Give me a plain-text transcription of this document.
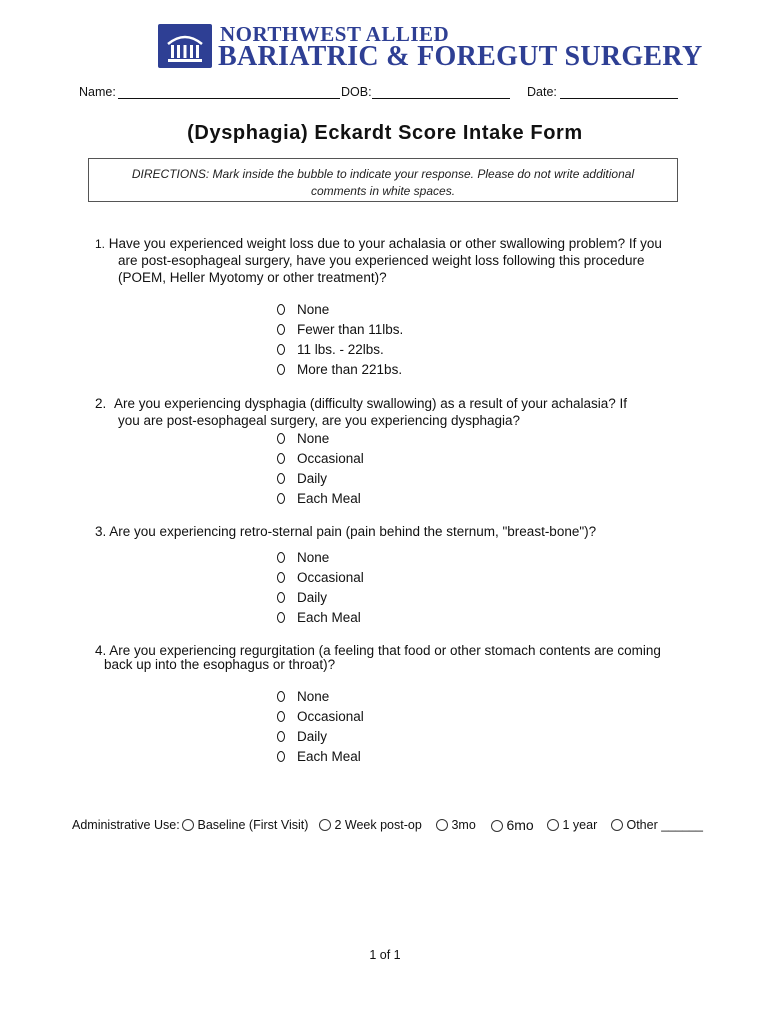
NORTHWEST ALLIED
BARIATRIC & FOREGUT SURGERY
Name:	DOB:	Date:
(Dysphagia) Eckardt Score Intake Form
DIRECTIONS: Mark inside the bubble to indicate your response. Please do not write additional
comments in white spaces.
1. Have you experienced weight loss due to your achalasia or other swallowing problem? If you
are post-esophageal surgery, have you experienced weight loss following this procedure
(POEM, Heller Myotomy or other treatment)?
None
Fewer than 11lbs.
11 lbs. - 22lbs.
More than 221bs.
2. Are you experiencing dysphagia (difficulty swallowing) as a result of your achalasia? If
you are post-esophageal surgery, are you experiencing dysphagia?
None
Occasional
Daily
Each Meal
3. Are you experiencing retro-sternal pain (pain behind the sternum, "breast-bone")?
None
Occasional
Daily
Each Meal
4. Are you experiencing regurgitation (a feeling that food or other stomach contents are coming
back up into the esophagus or throat)?
None
Occasional
Daily
Each Meal
Administrative Use:	Baseline (First Visit)	2 Week post-op	3mo	6mo	1 year	Other ______
1 of 1
